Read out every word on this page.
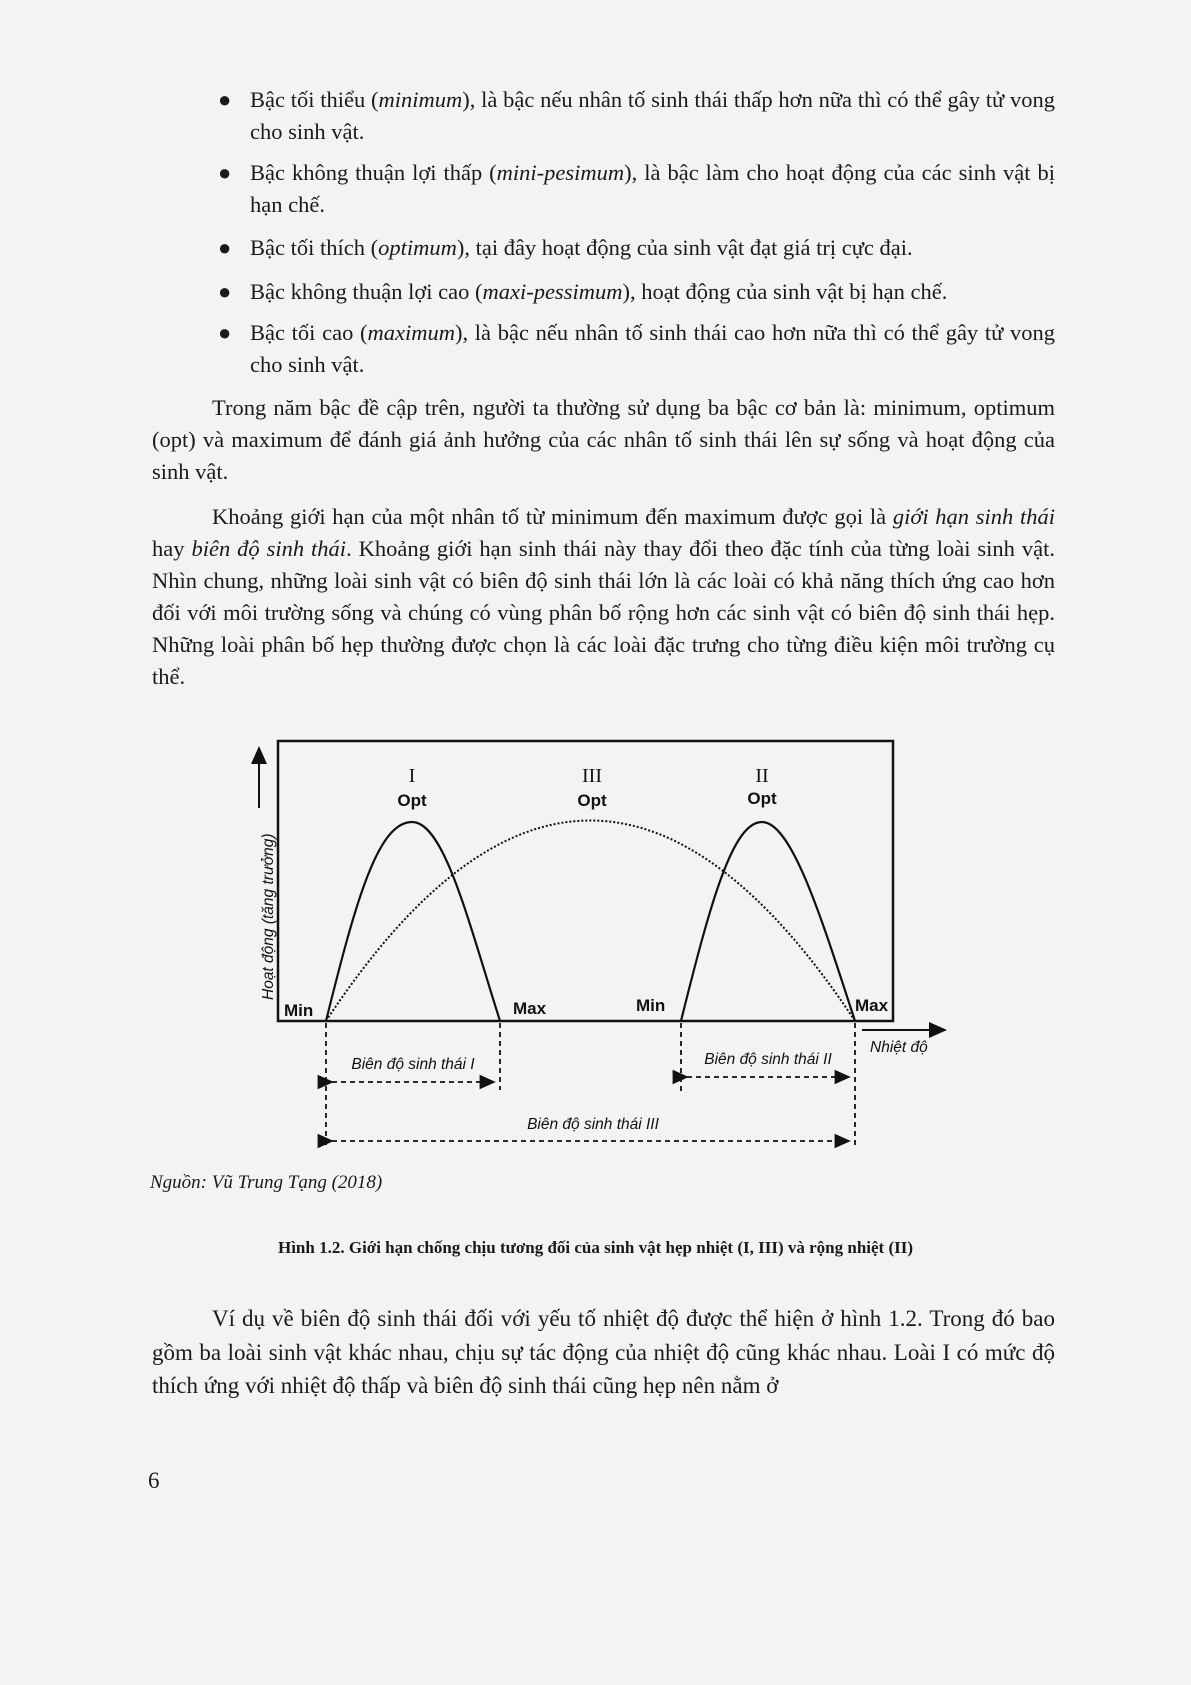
● Bậc tối thiểu (minimum), là bậc nếu nhân tố sinh thái thấp hơn nữa thì có thể gây tử vong cho sinh vật.
● Bậc không thuận lợi thấp (mini-pesimum), là bậc làm cho hoạt động của các sinh vật bị hạn chế.
● Bậc tối thích (optimum), tại đây hoạt động của sinh vật đạt giá trị cực đại.
● Bậc không thuận lợi cao (maxi-pessimum), hoạt động của sinh vật bị hạn chế.
● Bậc tối cao (maximum), là bậc nếu nhân tố sinh thái cao hơn nữa thì có thể gây tử vong cho sinh vật.
Trong năm bậc đề cập trên, người ta thường sử dụng ba bậc cơ bản là: minimum, optimum (opt) và maximum để đánh giá ảnh hưởng của các nhân tố sinh thái lên sự sống và hoạt động của sinh vật.
Khoảng giới hạn của một nhân tố từ minimum đến maximum được gọi là giới hạn sinh thái hay biên độ sinh thái. Khoảng giới hạn sinh thái này thay đổi theo đặc tính của từng loài sinh vật. Nhìn chung, những loài sinh vật có biên độ sinh thái lớn là các loài có khả năng thích ứng cao hơn đối với môi trường sống và chúng có vùng phân bố rộng hơn các sinh vật có biên độ sinh thái hẹp. Những loài phân bố hẹp thường được chọn là các loài đặc trưng cho từng điều kiện môi trường cụ thể.
Hoạt động (tăng trưởng)
Nhiệt độ
I
Opt
III
Opt
II
Opt
Min	Max	Min	Max
Biên độ sinh thái I	Biên độ sinh thái II
Biên độ sinh thái III
Nguồn: Vũ Trung Tạng (2018)
Hình 1.2. Giới hạn chống chịu tương đối của sinh vật hẹp nhiệt (I, III) và rộng nhiệt (II)
Ví dụ về biên độ sinh thái đối với yếu tố nhiệt độ được thể hiện ở hình 1.2. Trong đó bao gồm ba loài sinh vật khác nhau, chịu sự tác động của nhiệt độ cũng khác nhau. Loài I có mức độ thích ứng với nhiệt độ thấp và biên độ sinh thái cũng hẹp nên nằm ở
6
